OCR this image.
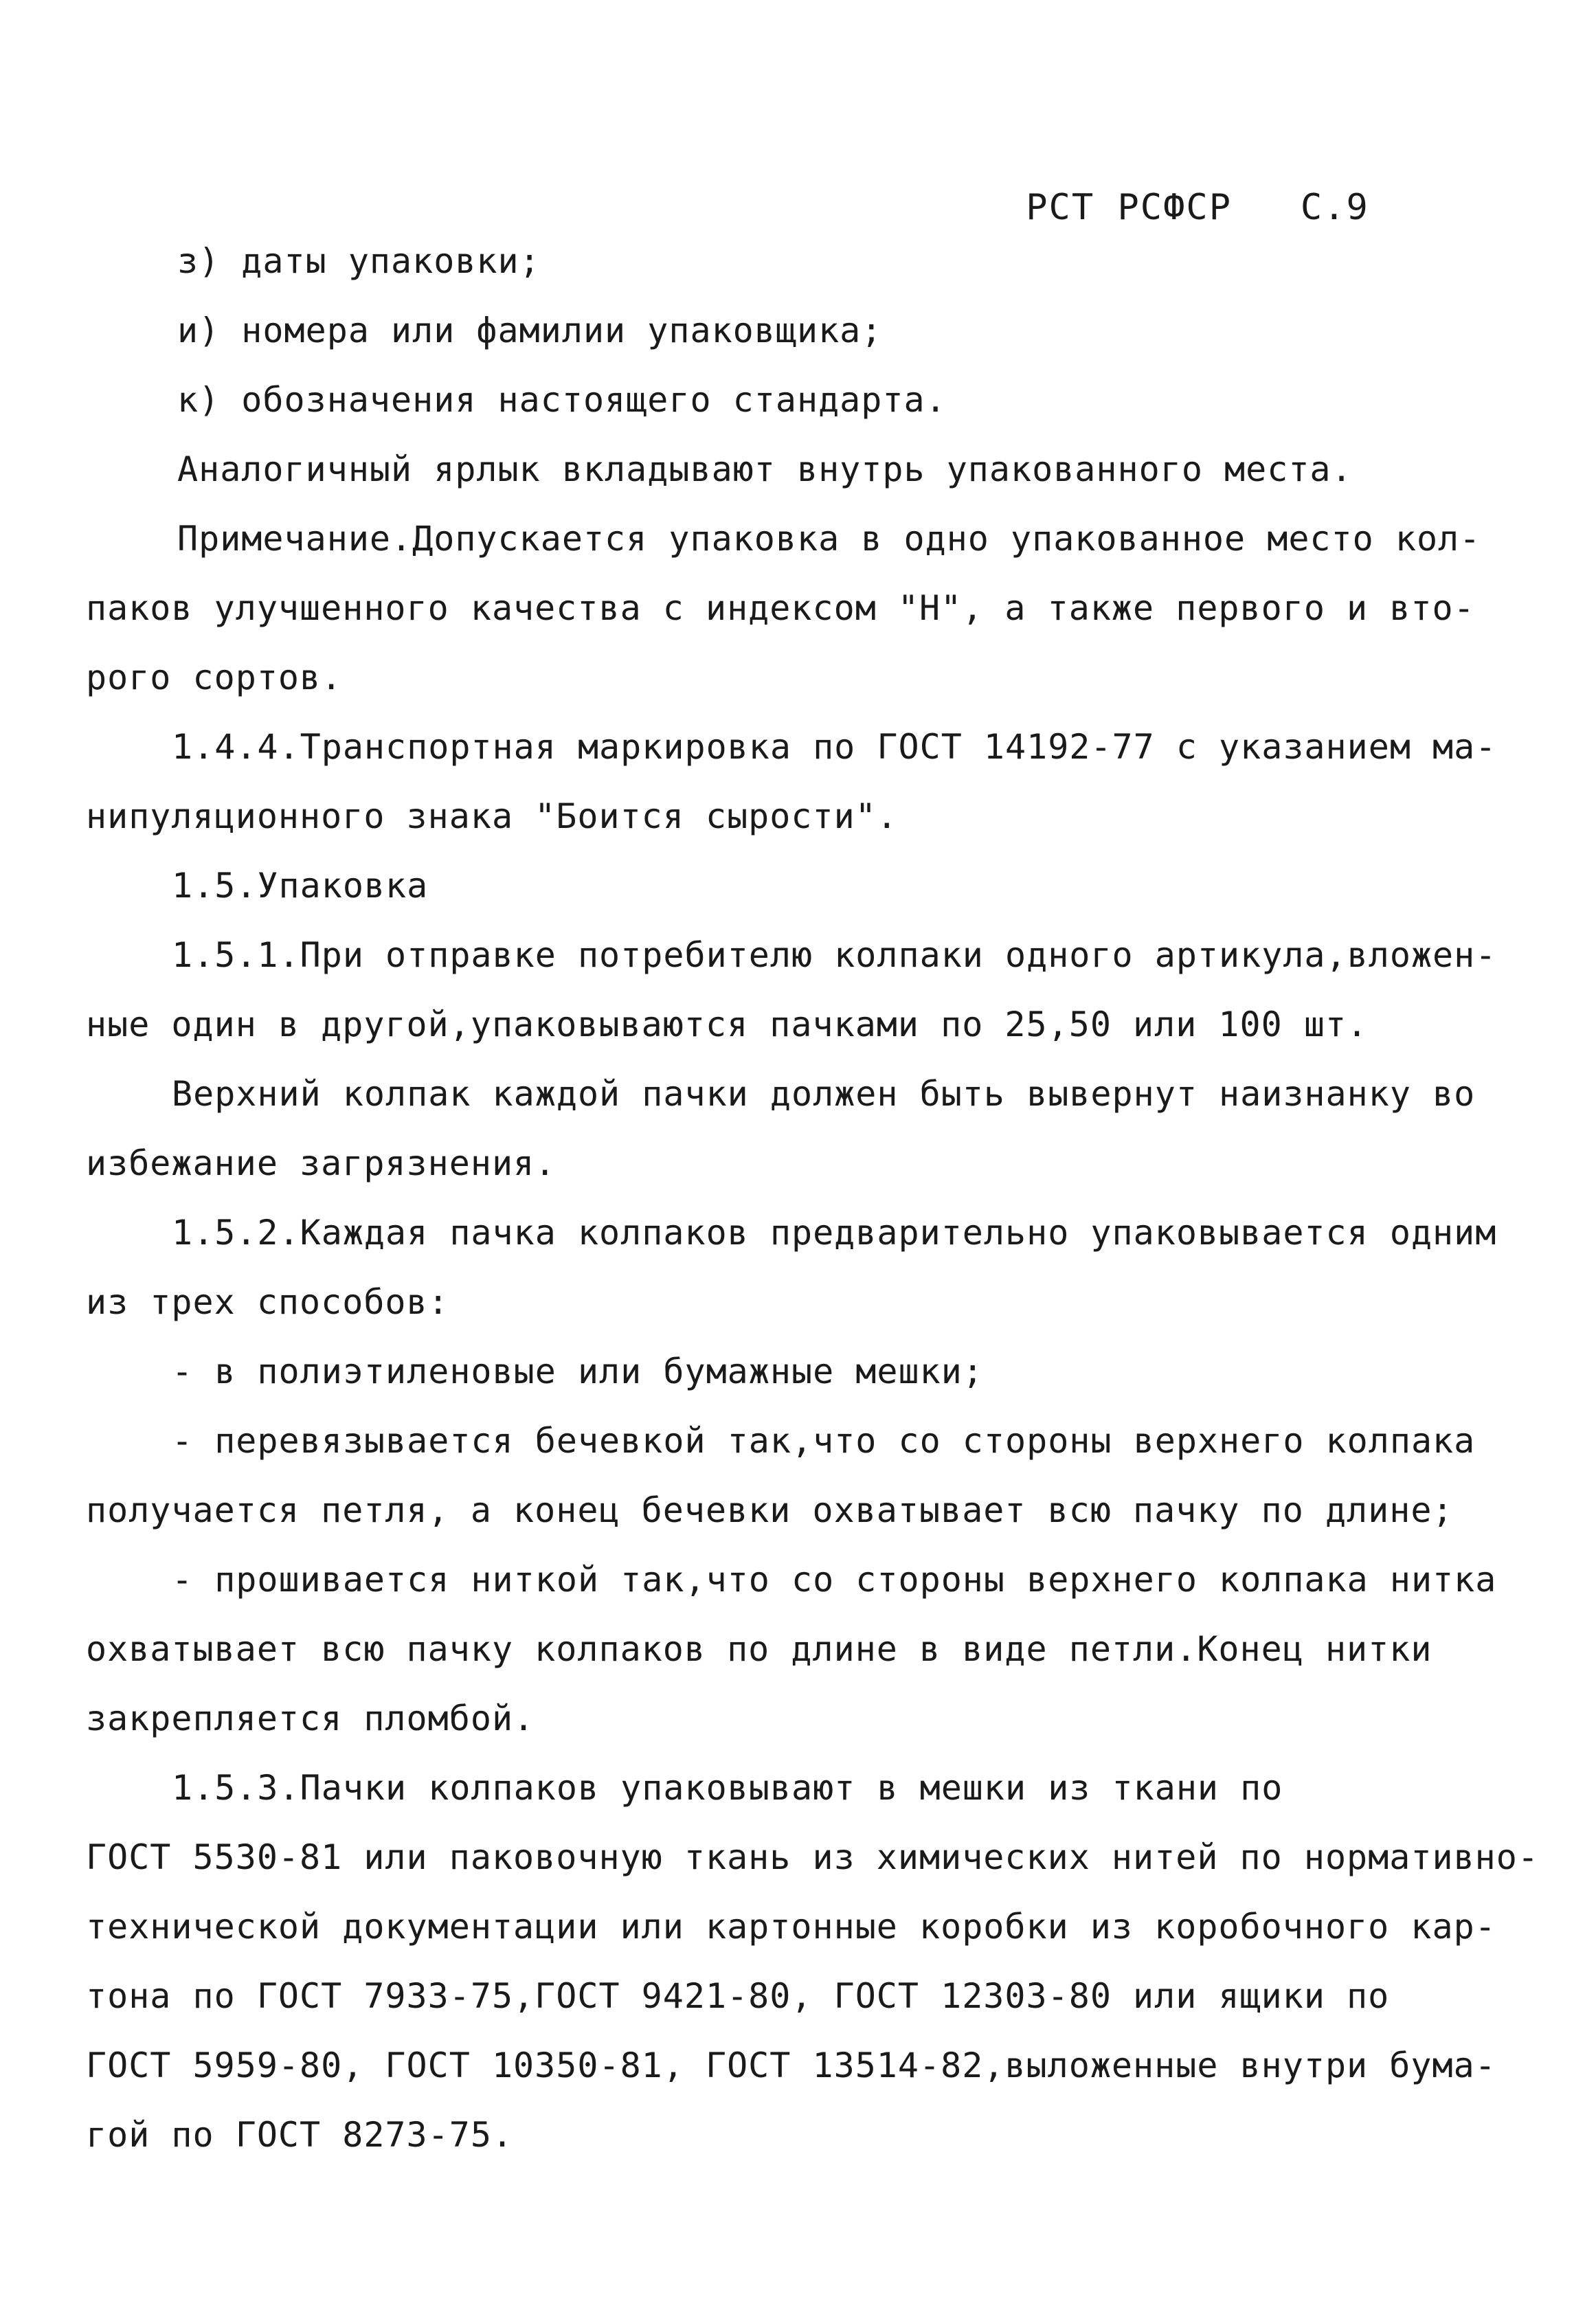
РСТ РСФСР С.9

з) даты упаковки;
и) номера или фамилии упаковщика;
к) обозначения настоящего стандарта.
Аналогичный ярлык вкладывают внутрь упакованного места.
Примечание.Допускается упаковка в одно упакованное место кол-
паков улучшенного качества с индексом "Н", а также первого и вто-
рого сортов.
1.4.4.Транспортная маркировка по ГОСТ 14192-77 с указанием ма-
нипуляционного знака "Боится сырости".
1.5.Упаковка
1.5.1.При отправке потребителю колпаки одного артикула,вложен-
ные один в другой,упаковываются пачками по 25,50 или 100 шт.
Верхний колпак каждой пачки должен быть вывернут наизнанку во
избежание загрязнения.
1.5.2.Каждая пачка колпаков предварительно упаковывается одним
из трех способов:
- в полиэтиленовые или бумажные мешки;
- перевязывается бечевкой так,что со стороны верхнего колпака
получается петля, а конец бечевки охватывает всю пачку по длине;
- прошивается ниткой так,что со стороны верхнего колпака нитка
охватывает всю пачку колпаков по длине в виде петли.Конец нитки
закрепляется пломбой.
1.5.3.Пачки колпаков упаковывают в мешки из ткани по
ГОСТ 5530-81 или паковочную ткань из химических нитей по нормативно-
технической документации или картонные коробки из коробочного кар-
тона по ГОСТ 7933-75,ГОСТ 9421-80, ГОСТ 12303-80 или ящики по
ГОСТ 5959-80, ГОСТ 10350-81, ГОСТ 13514-82,выложенные внутри бума-
гой по ГОСТ 8273-75.
